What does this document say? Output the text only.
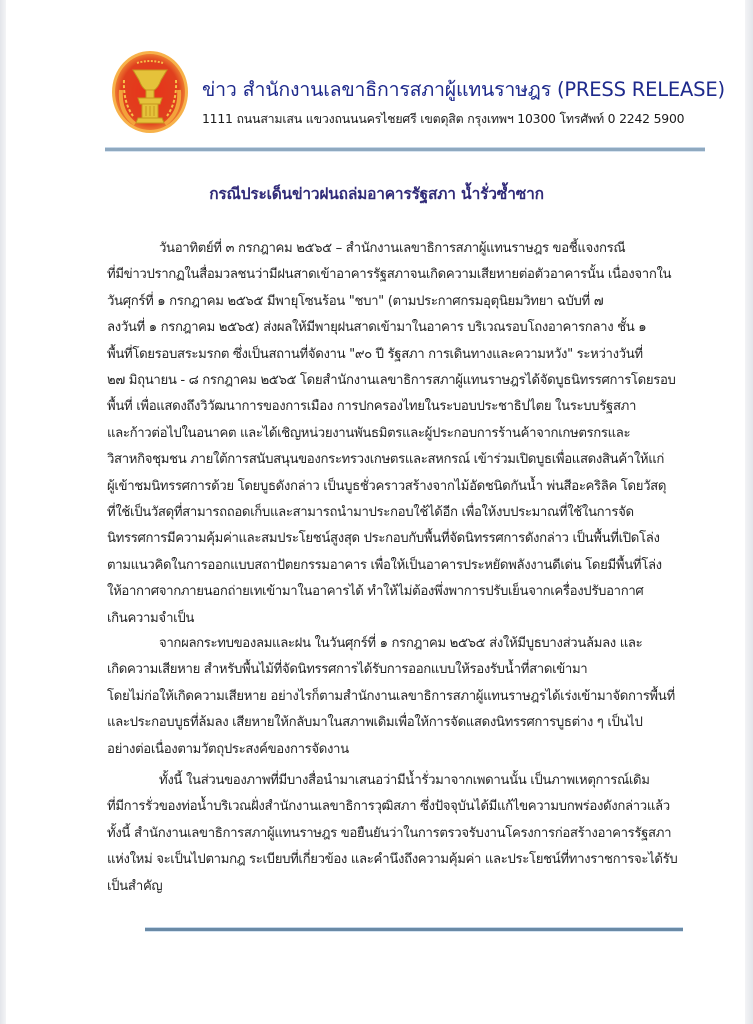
ข่าว สำนักงานเลขาธิการสภาผู้แทนราษฎร (PRESS RELEASE)
1111 ถนนสามเสน แขวงถนนนครไชยศรี เขตดุสิต กรุงเทพฯ 10300 โทรศัพท์ 0 2242 5900
กรณีประเด็นข่าวฝนถล่มอาคารรัฐสภา น้ำรั่วซ้ำซาก
วันอาทิตย์ที่ ๓ กรกฎาคม ๒๕๖๕ – สำนักงานเลขาธิการสภาผู้แทนราษฎร ขอชี้แจงกรณี
ที่มีข่าวปรากฏในสื่อมวลชนว่ามีฝนสาดเข้าอาคารรัฐสภาจนเกิดความเสียหายต่อตัวอาคารนั้น เนื่องจากใน
วันศุกร์ที่ ๑ กรกฎาคม ๒๕๖๕ มีพายุโซนร้อน "ชบา" (ตามประกาศกรมอุตุนิยมวิทยา ฉบับที่ ๗
ลงวันที่ ๑ กรกฎาคม ๒๕๖๕) ส่งผลให้มีพายุฝนสาดเข้ามาในอาคาร บริเวณรอบโถงอาคารกลาง ชั้น ๑
พื้นที่โดยรอบสระมรกต ซึ่งเป็นสถานที่จัดงาน "๙๐ ปี รัฐสภา การเดินทางและความหวัง" ระหว่างวันที่
๒๗ มิถุนายน - ๘ กรกฎาคม ๒๕๖๕ โดยสำนักงานเลขาธิการสภาผู้แทนราษฎรได้จัดบูธนิทรรศการโดยรอบ
พื้นที่ เพื่อแสดงถึงวิวัฒนาการของการเมือง การปกครองไทยในระบอบประชาธิปไตย ในระบบรัฐสภา
และก้าวต่อไปในอนาคต และได้เชิญหน่วยงานพันธมิตรและผู้ประกอบการร้านค้าจากเกษตรกรและ
วิสาหกิจชุมชน ภายใต้การสนับสนุนของกระทรวงเกษตรและสหกรณ์ เข้าร่วมเปิดบูธเพื่อแสดงสินค้าให้แก่
ผู้เข้าชมนิทรรศการด้วย โดยบูธดังกล่าว เป็นบูธชั่วคราวสร้างจากไม้อัดชนิดกันน้ำ พ่นสีอะคริลิค โดยวัสดุ
ที่ใช้เป็นวัสดุที่สามารถถอดเก็บและสามารถนำมาประกอบใช้ได้อีก เพื่อให้งบประมาณที่ใช้ในการจัด
นิทรรศการมีความคุ้มค่าและสมประโยชน์สูงสุด ประกอบกับพื้นที่จัดนิทรรศการดังกล่าว เป็นพื้นที่เปิดโล่ง
ตามแนวคิดในการออกแบบสถาปัตยกรรมอาคาร เพื่อให้เป็นอาคารประหยัดพลังงานดีเด่น โดยมีพื้นที่โล่ง
ให้อากาศจากภายนอกถ่ายเทเข้ามาในอาคารได้ ทำให้ไม่ต้องพึ่งพาการปรับเย็นจากเครื่องปรับอากาศ
เกินความจำเป็น
จากผลกระทบของลมและฝน ในวันศุกร์ที่ ๑ กรกฎาคม ๒๕๖๕ ส่งให้มีบูธบางส่วนล้มลง และ
เกิดความเสียหาย สำหรับพื้นไม้ที่จัดนิทรรศการได้รับการออกแบบให้รองรับน้ำที่สาดเข้ามา
โดยไม่ก่อให้เกิดความเสียหาย อย่างไรก็ตามสำนักงานเลขาธิการสภาผู้แทนราษฎรได้เร่งเข้ามาจัดการพื้นที่
และประกอบบูธที่ล้มลง เสียหายให้กลับมาในสภาพเดิมเพื่อให้การจัดแสดงนิทรรศการบูธต่าง ๆ เป็นไป
อย่างต่อเนื่องตามวัตถุประสงค์ของการจัดงาน
ทั้งนี้ ในส่วนของภาพที่มีบางสื่อนำมาเสนอว่ามีน้ำรั่วมาจากเพดานนั้น เป็นภาพเหตุการณ์เดิม
ที่มีการรั่วของท่อน้ำบริเวณฝั่งสำนักงานเลขาธิการวุฒิสภา ซึ่งปัจจุบันได้มีแก้ไขความบกพร่องดังกล่าวแล้ว
ทั้งนี้ สำนักงานเลขาธิการสภาผู้แทนราษฎร ขอยืนยันว่าในการตรวจรับงานโครงการก่อสร้างอาคารรัฐสภา
แห่งใหม่ จะเป็นไปตามกฎ ระเบียบที่เกี่ยวข้อง และคำนึงถึงความคุ้มค่า และประโยชน์ที่ทางราชการจะได้รับ
เป็นสำคัญ
